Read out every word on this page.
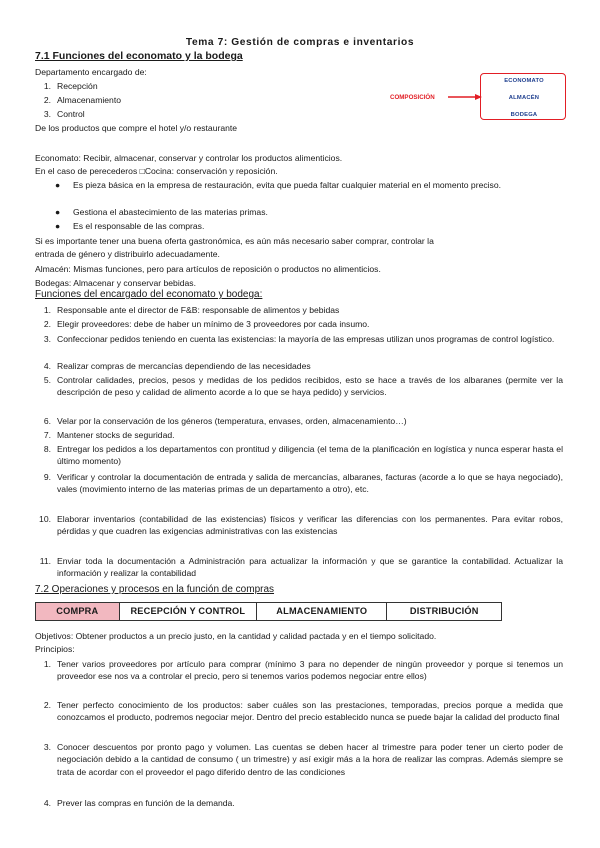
Tema 7: Gestión de compras e inventarios
7.1 Funciones del economato y la bodega
Departamento encargado de:
1. Recepción
2. Almacenamiento
3. Control
De los productos que compre el hotel y/o restaurante
COMPOSICIÓN
ECONOMATO
ALMACÉN
BODEGA
Economato: Recibir, almacenar, conservar y controlar los productos alimenticios.
En el caso de perecederos □Cocina: conservación y reposición.
● Es pieza básica en la empresa de restauración, evita que pueda faltar cualquier material en el momento preciso.
● Gestiona el abastecimiento de las materias primas.
● Es el responsable de las compras.
Si es importante tener una buena oferta gastronómica, es aún más necesario saber comprar, controlar la
entrada de género y distribuirlo adecuadamente.
Almacén: Mismas funciones, pero para artículos de reposición o productos no alimenticios.
Bodegas: Almacenar y conservar bebidas.
Funciones del encargado del economato y bodega:
1. Responsable ante el director de F&B: responsable de alimentos y bebidas
2. Elegir proveedores: debe de haber un mínimo de 3 proveedores por cada insumo.
3. Confeccionar pedidos teniendo en cuenta las existencias: la mayoría de las empresas utilizan unos programas de control logístico.
4. Realizar compras de mercancías dependiendo de las necesidades
5. Controlar calidades, precios, pesos y medidas de los pedidos recibidos, esto se hace a través de los albaranes (permite ver la descripción de peso y calidad de alimento acorde a lo que se haya pedido) y servicios.
6. Velar por la conservación de los géneros (temperatura, envases, orden, almacenamiento…)
7. Mantener stocks de seguridad.
8. Entregar los pedidos a los departamentos con prontitud y diligencia (el tema de la planificación en logística y nunca esperar hasta el último momento)
9. Verificar y controlar la documentación de entrada y salida de mercancías, albaranes, facturas (acorde a lo que se haya negociado), vales (movimiento interno de las materias primas de un departamento a otro), etc.
10. Elaborar inventarios (contabilidad de las existencias) físicos y verificar las diferencias con los permanentes. Para evitar robos, pérdidas y que cuadren las exigencias administrativas con las existencias
11. Enviar toda la documentación a Administración para actualizar la información y que se garantice la contabilidad. Actualizar la información y realizar la contabilidad
7.2 Operaciones y procesos en la función de compras
COMPRA	RECEPCIÓN Y CONTROL	ALMACENAMIENTO	DISTRIBUCIÓN
Objetivos: Obtener productos a un precio justo, en la cantidad y calidad pactada y en el tiempo solicitado.
Principios:
1. Tener varios proveedores por artículo para comprar (mínimo 3 para no depender de ningún proveedor y porque si tenemos un proveedor ese nos va a controlar el precio, pero si tenemos varios podemos negociar entre ellos)
2. Tener perfecto conocimiento de los productos: saber cuáles son las prestaciones, temporadas, precios porque a medida que conozcamos el producto, podremos negociar mejor. Dentro del precio establecido nunca se puede bajar la calidad del producto final
3. Conocer descuentos por pronto pago y volumen. Las cuentas se deben hacer al trimestre para poder tener un cierto poder de negociación debido a la cantidad de consumo ( un trimestre) y así exigir más a la hora de realizar las compras. Además siempre se trata de acordar con el proveedor el pago diferido dentro de las condiciones
4. Prever las compras en función de la demanda.
